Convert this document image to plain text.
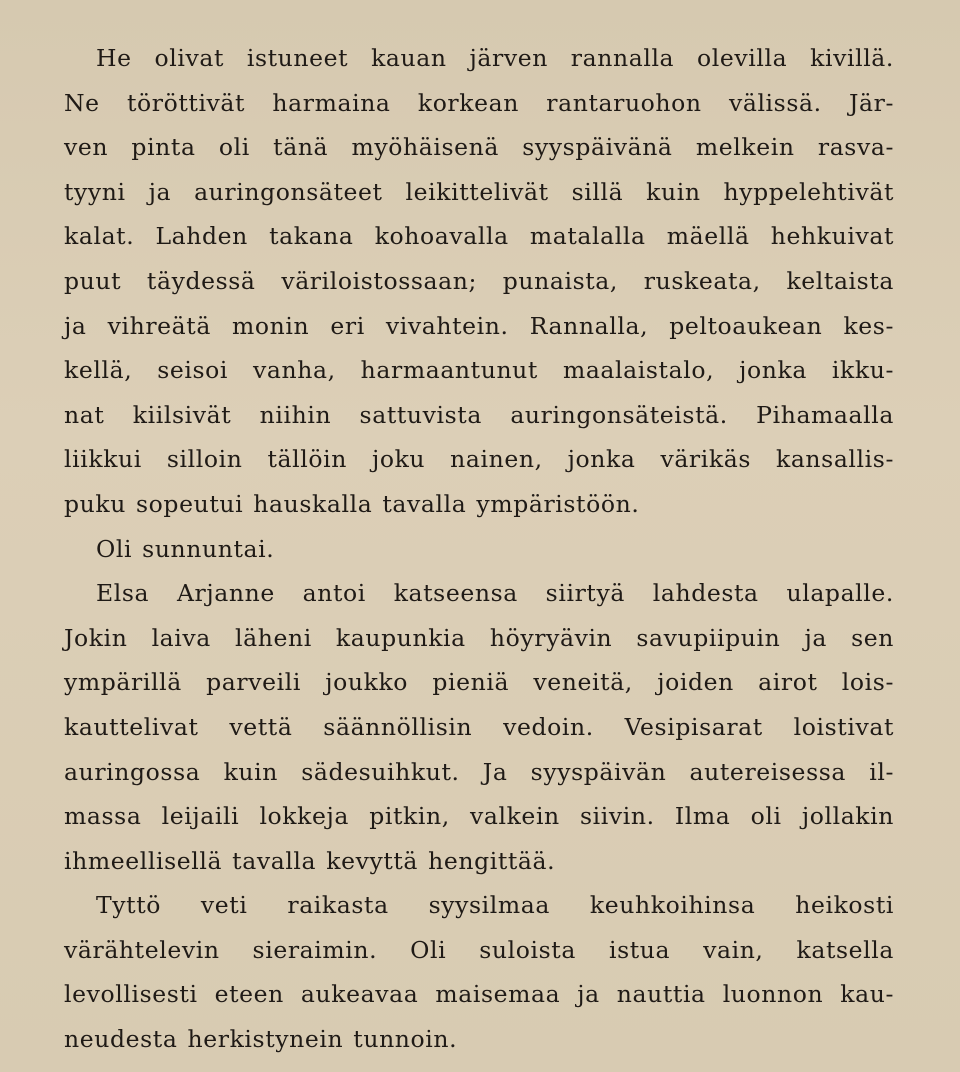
He olivat istuneet kauan järven rannalla olevilla kivillä.
Ne töröttivät harmaina korkean rantaruohon välissä. Jär-
ven pinta oli tänä myöhäisenä syyspäivänä melkein rasva-
tyyni ja auringonsäteet leikittelivät sillä kuin hyppelehtivät
kalat. Lahden takana kohoavalla matalalla mäellä hehkuivat
puut täydessä väriloistossaan; punaista, ruskeata, keltaista
ja vihreätä monin eri vivahtein. Rannalla, peltoaukean kes-
kellä, seisoi vanha, harmaantunut maalaistalo, jonka ikku-
nat kiilsivät niihin sattuvista auringonsäteistä. Pihamaalla
liikkui silloin tällöin joku nainen, jonka värikäs kansallis-
puku sopeutui hauskalla tavalla ympäristöön.
Oli sunnuntai.
Elsa Arjanne antoi katseensa siirtyä lahdesta ulapalle.
Jokin laiva läheni kaupunkia höyryävin savupiipuin ja sen
ympärillä parveili joukko pieniä veneitä, joiden airot lois-
kauttelivat vettä säännöllisin vedoin. Vesipisarat loistivat
auringossa kuin sädesuihkut. Ja syyspäivän autereisessa il-
massa leijaili lokkeja pitkin, valkein siivin. Ilma oli jollakin
ihmeellisellä tavalla kevyttä hengittää.
Tyttö veti raikasta syysilmaa keuhkoihinsa heikosti
värähtelevin sieraimin. Oli suloista istua vain, katsella
levollisesti eteen aukeavaa maisemaa ja nauttia luonnon kau-
neudesta herkistynein tunnoin.
